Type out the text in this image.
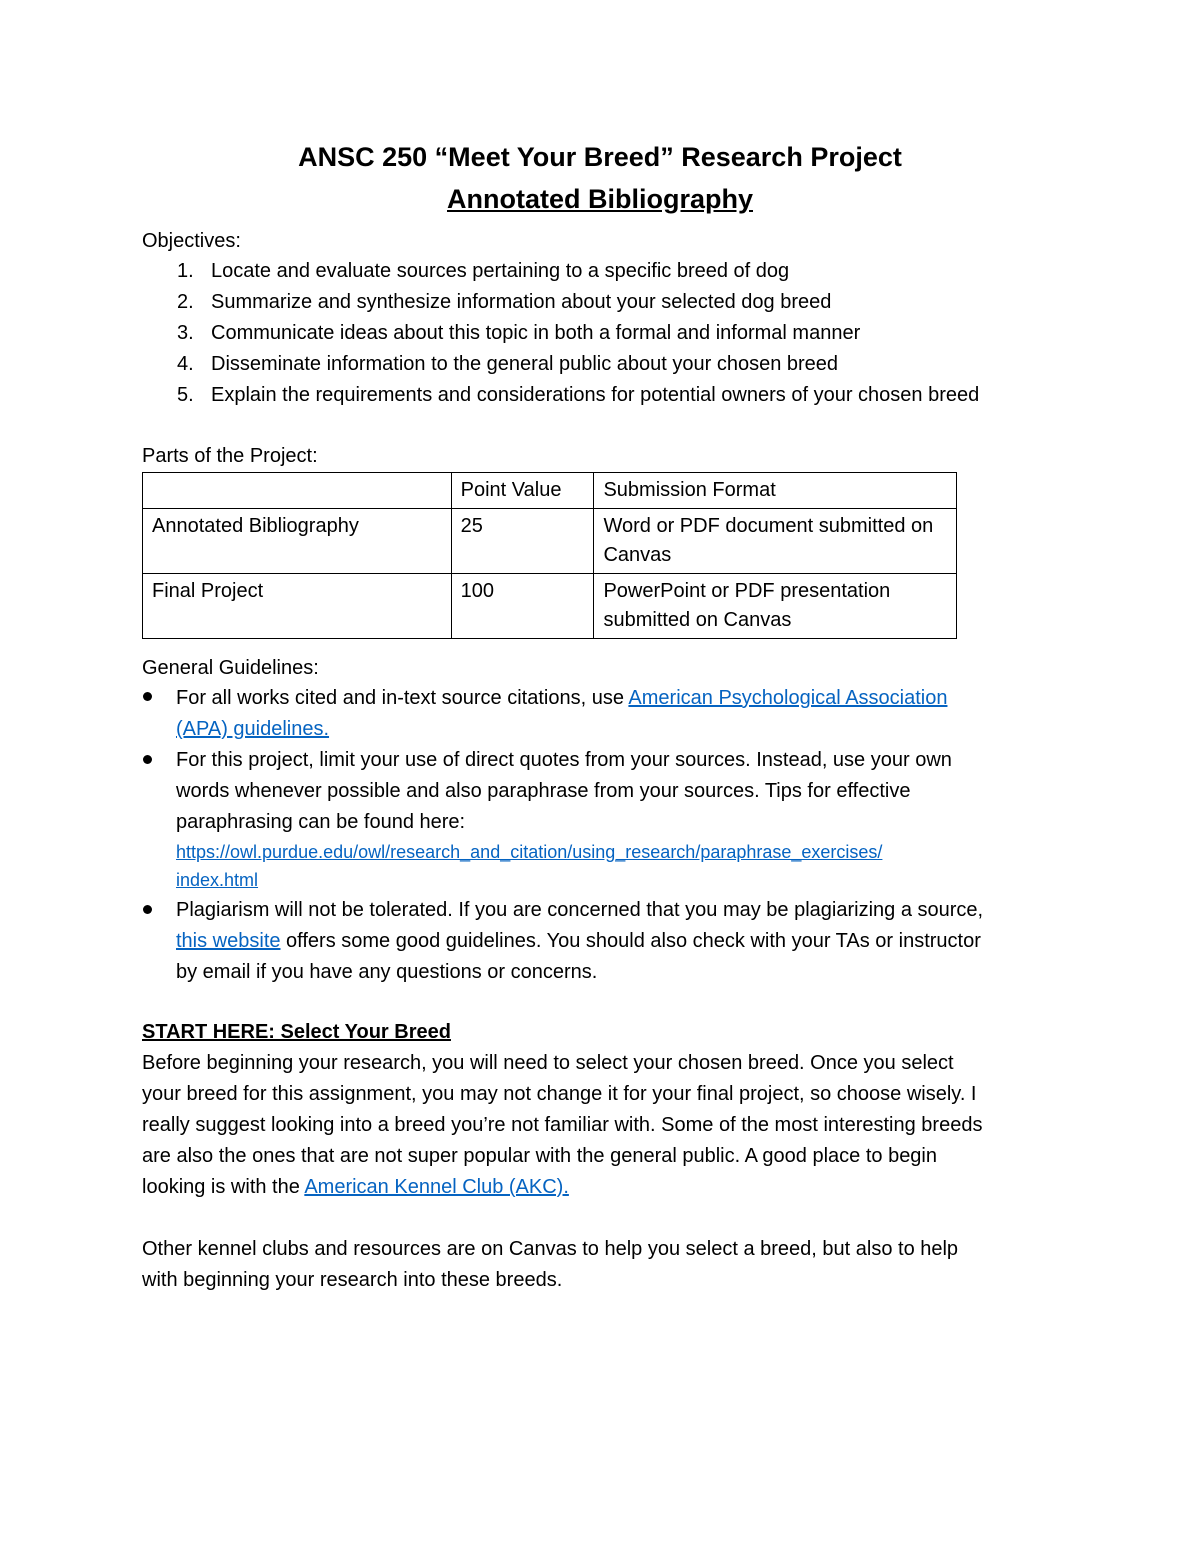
ANSC 250 “Meet Your Breed” Research Project
Annotated Bibliography
Objectives:
1. Locate and evaluate sources pertaining to a specific breed of dog
2. Summarize and synthesize information about your selected dog breed
3. Communicate ideas about this topic in both a formal and informal manner
4. Disseminate information to the general public about your chosen breed
5. Explain the requirements and considerations for potential owners of your chosen breed
Parts of the Project:
	Point Value	Submission Format
Annotated Bibliography	25	Word or PDF document submitted on Canvas
Final Project	100	PowerPoint or PDF presentation submitted on Canvas
General Guidelines:
For all works cited and in-text source citations, use American Psychological Association
(APA) guidelines.
For this project, limit your use of direct quotes from your sources. Instead, use your own
words whenever possible and also paraphrase from your sources. Tips for effective
paraphrasing can be found here:
https://owl.purdue.edu/owl/research_and_citation/using_research/paraphrase_exercises/
index.html
Plagiarism will not be tolerated. If you are concerned that you may be plagiarizing a source,
this website offers some good guidelines. You should also check with your TAs or instructor
by email if you have any questions or concerns.
START HERE: Select Your Breed
Before beginning your research, you will need to select your chosen breed. Once you select
your breed for this assignment, you may not change it for your final project, so choose wisely. I
really suggest looking into a breed you’re not familiar with. Some of the most interesting breeds
are also the ones that are not super popular with the general public. A good place to begin
looking is with the American Kennel Club (AKC).
Other kennel clubs and resources are on Canvas to help you select a breed, but also to help
with beginning your research into these breeds.
